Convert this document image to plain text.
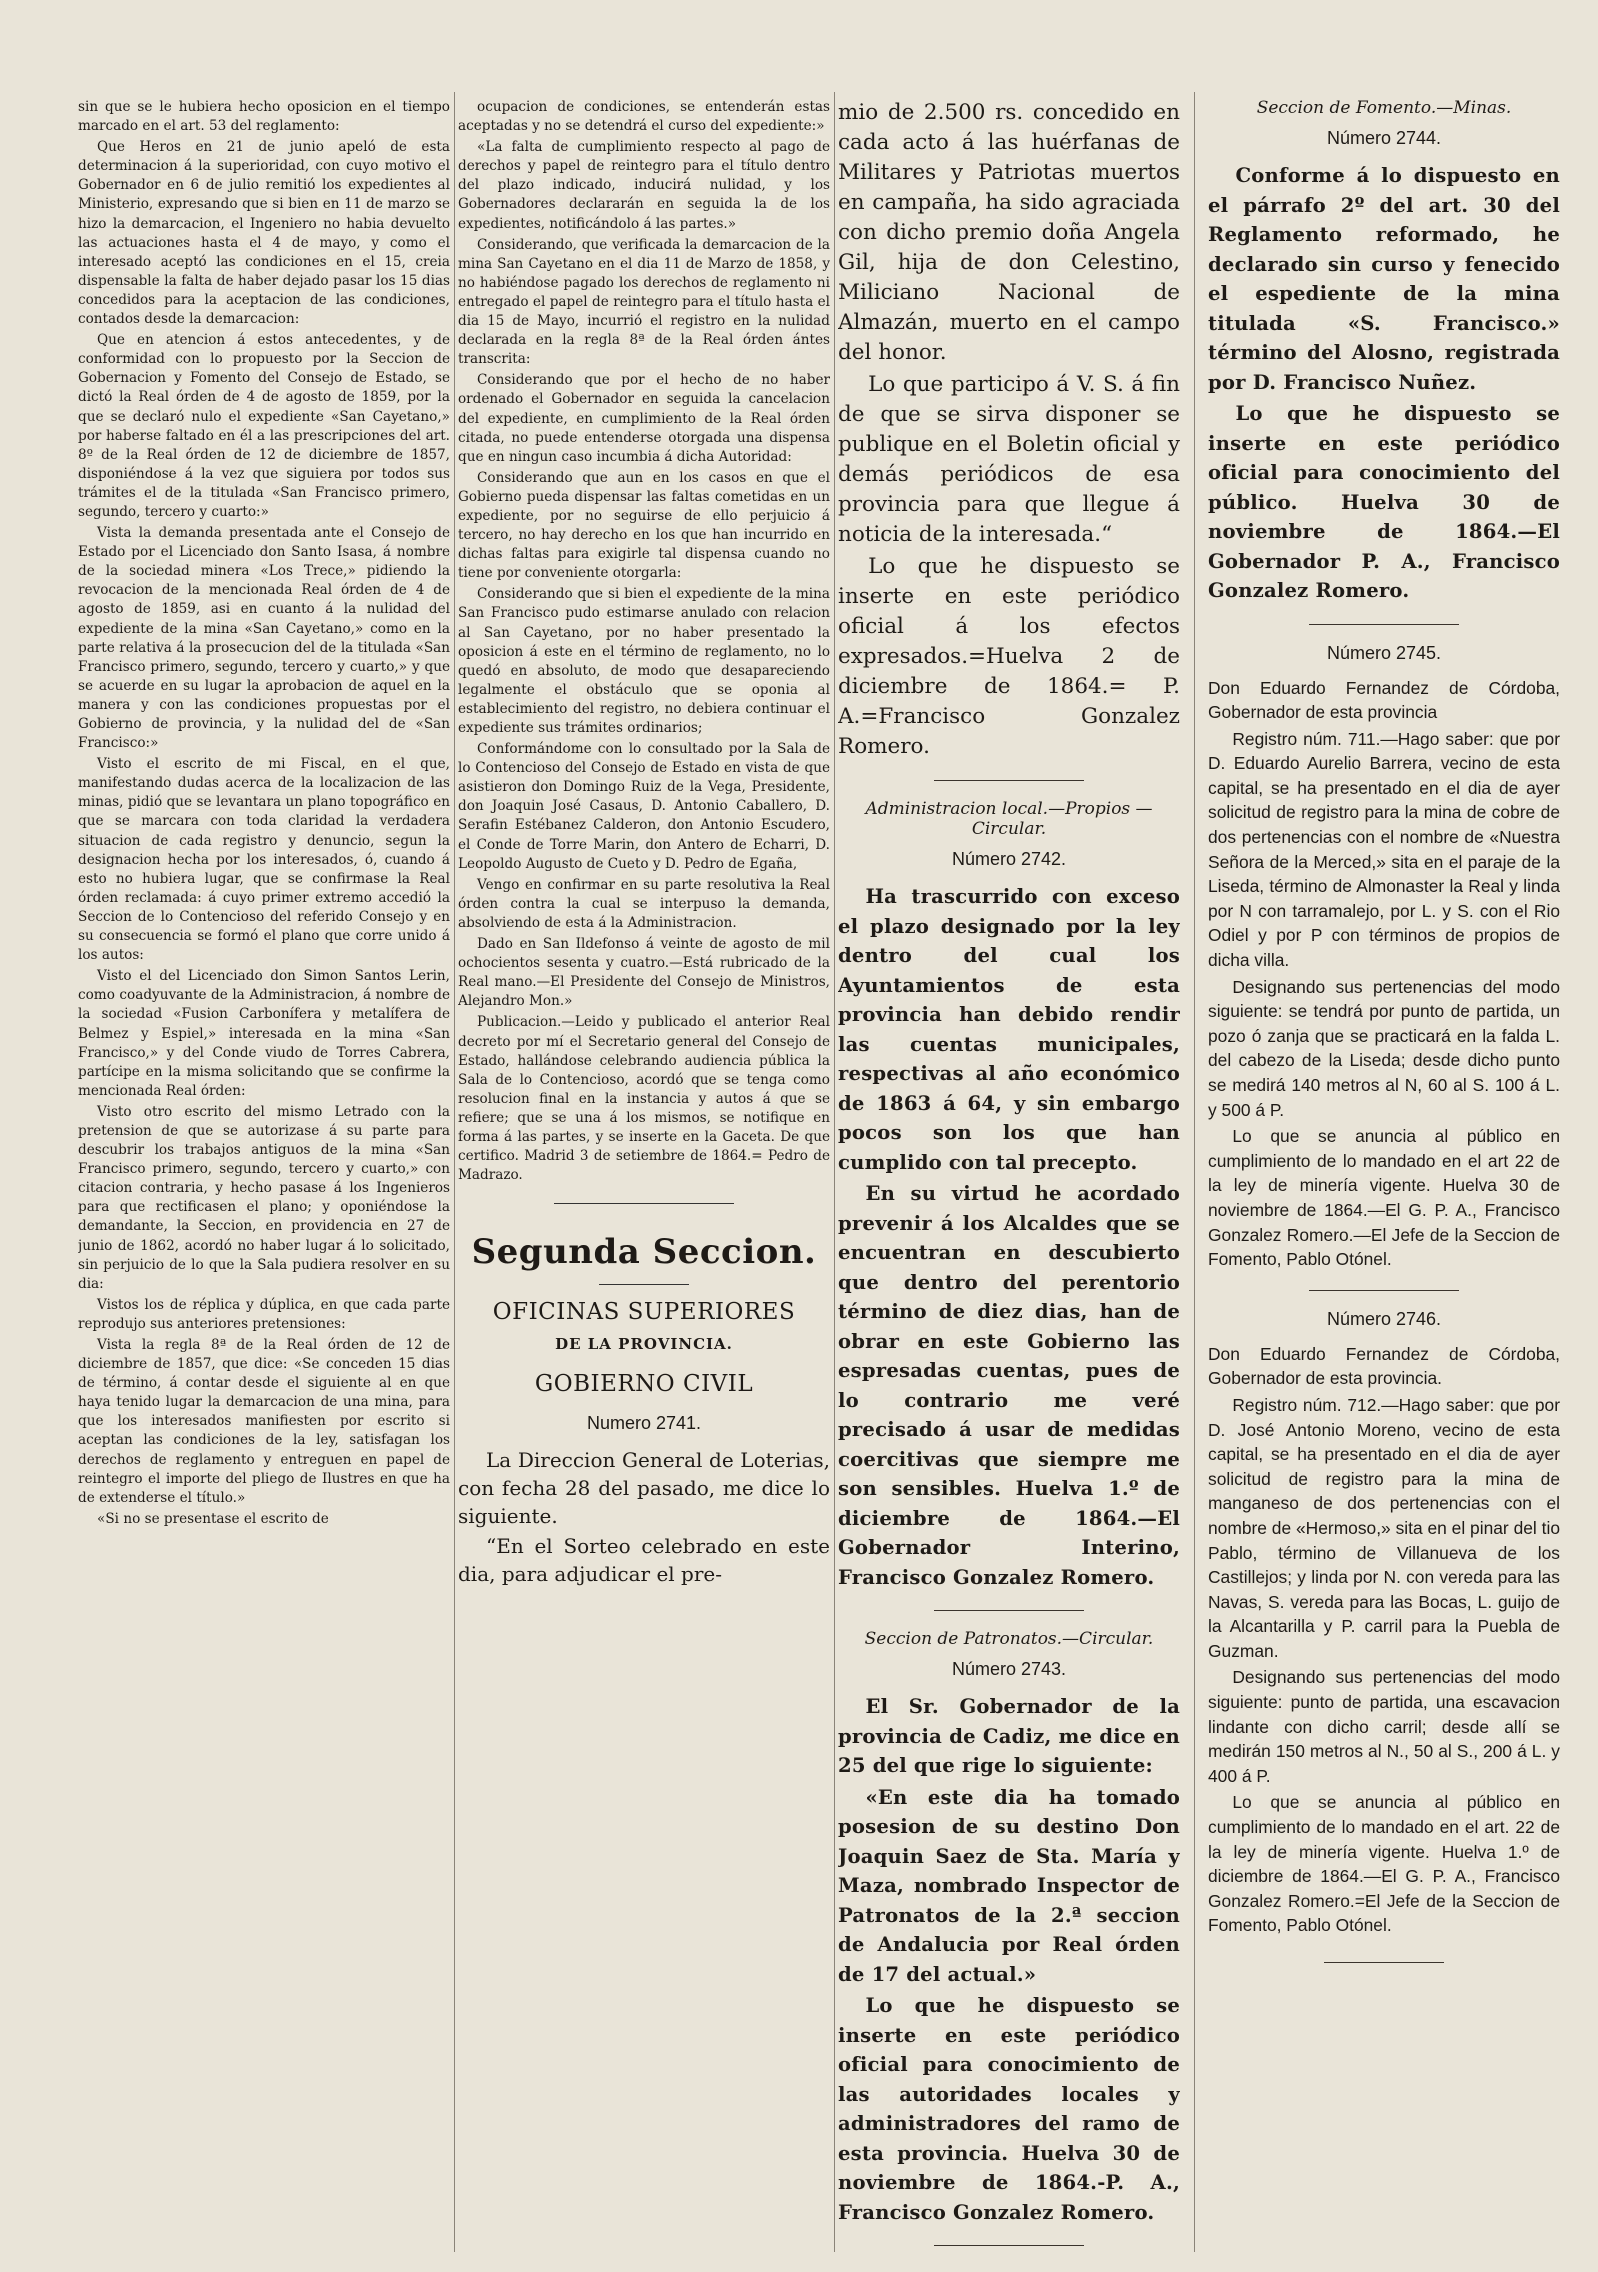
sin que se le hubiera hecho oposicion en el tiempo marcado en el art. 53 del reglamento:

Que Heros en 21 de junio apeló de esta determinacion á la superioridad, con cuyo motivo el Gobernador en 6 de julio remitió los expedientes al Ministerio, expresando que si bien en 11 de marzo se hizo la demarcacion, el Ingeniero no habia devuelto las actuaciones hasta el 4 de mayo, y como el interesado aceptó las condiciones en el 15, creia dispensable la falta de haber dejado pasar los 15 dias concedidos para la aceptacion de las condiciones, contados desde la demarcacion:

Que en atencion á estos antecedentes, y de conformidad con lo propuesto por la Seccion de Gobernacion y Fomento del Consejo de Estado, se dictó la Real órden de 4 de agosto de 1859, por la que se declaró nulo el expediente «San Cayetano,» por haberse faltado en él a las prescripciones del art. 8º de la Real órden de 12 de diciembre de 1857, disponiéndose á la vez que siguiera por todos sus trámites el de la titulada «San Francisco primero, segundo, tercero y cuarto:»

Vista la demanda presentada ante el Consejo de Estado por el Licenciado don Santo Isasa, á nombre de la sociedad minera «Los Trece,» pidiendo la revocacion de la mencionada Real órden de 4 de agosto de 1859, asi en cuanto á la nulidad del expediente de la mina «San Cayetano,» como en la parte relativa á la prosecucion del de la titulada «San Francisco primero, segundo, tercero y cuarto,» y que se acuerde en su lugar la aprobacion de aquel en la manera y con las condiciones propuestas por el Gobierno de provincia, y la nulidad del de «San Francisco:»

Visto el escrito de mi Fiscal, en el que, manifestando dudas acerca de la localizacion de las minas, pidió que se levantara un plano topográfico en que se marcara con toda claridad la verdadera situacion de cada registro y denuncio, segun la designacion hecha por los interesados, ó, cuando á esto no hubiera lugar, que se confirmase la Real órden reclamada: á cuyo primer extremo accedió la Seccion de lo Contencioso del referido Consejo y en su consecuencia se formó el plano que corre unido á los autos:

Visto el del Licenciado don Simon Santos Lerin, como coadyuvante de la Administracion, á nombre de la sociedad «Fusion Carbonífera y metalífera de Belmez y Espiel,» interesada en la mina «San Francisco,» y del Conde viudo de Torres Cabrera, partícipe en la misma solicitando que se confirme la mencionada Real órden:

Visto otro escrito del mismo Letrado con la pretension de que se autorizase á su parte para descubrir los trabajos antiguos de la mina «San Francisco primero, segundo, tercero y cuarto,» con citacion contraria, y hecho pasase á los Ingenieros para que rectificasen el plano; y oponiéndose la demandante, la Seccion, en providencia en 27 de junio de 1862, acordó no haber lugar á lo solicitado, sin perjuicio de lo que la Sala pudiera resolver en su dia:

Vistos los de réplica y dúplica, en que cada parte reprodujo sus anteriores pretensiones:

Vista la regla 8ª de la Real órden de 12 de diciembre de 1857, que dice: «Se conceden 15 dias de término, á contar desde el siguiente al en que haya tenido lugar la demarcacion de una mina, para que los interesados manifiesten por escrito si aceptan las condiciones de la ley, satisfagan los derechos de reglamento y entreguen en papel de reintegro el importe del pliego de Ilustres en que ha de extenderse el título.»

«Si no se presentase el escrito de

ocupacion de condiciones, se entenderán estas aceptadas y no se detendrá el curso del expediente:»

«La falta de cumplimiento respecto al pago de derechos y papel de reintegro para el título dentro del plazo indicado, inducirá nulidad, y los Gobernadores declararán en seguida la de los expedientes, notificándolo á las partes.»

Considerando, que verificada la demarcacion de la mina San Cayetano en el dia 11 de Marzo de 1858, y no habiéndose pagado los derechos de reglamento ni entregado el papel de reintegro para el título hasta el dia 15 de Mayo, incurrió el registro en la nulidad declarada en la regla 8ª de la Real órden ántes transcrita:

Considerando que por el hecho de no haber ordenado el Gobernador en seguida la cancelacion del expediente, en cumplimiento de la Real órden citada, no puede entenderse otorgada una dispensa que en ningun caso incumbia á dicha Autoridad:

Considerando que aun en los casos en que el Gobierno pueda dispensar las faltas cometidas en un expediente, por no seguirse de ello perjuicio á tercero, no hay derecho en los que han incurrido en dichas faltas para exigirle tal dispensa cuando no tiene por conveniente otorgarla:

Considerando que si bien el expediente de la mina San Francisco pudo estimarse anulado con relacion al San Cayetano, por no haber presentado la oposicion á este en el término de reglamento, no lo quedó en absoluto, de modo que desapareciendo legalmente el obstáculo que se oponia al establecimiento del registro, no debiera continuar el expediente sus trámites ordinarios;

Conformándome con lo consultado por la Sala de lo Contencioso del Consejo de Estado en vista de que asistieron don Domingo Ruiz de la Vega, Presidente, don Joaquin José Casaus, D. Antonio Caballero, D. Serafin Estébanez Calderon, don Antonio Escudero, el Conde de Torre Marin, don Antero de Echarri, D. Leopoldo Augusto de Cueto y D. Pedro de Egaña,

Vengo en confirmar en su parte resolutiva la Real órden contra la cual se interpuso la demanda, absolviendo de esta á la Administracion.

Dado en San Ildefonso á veinte de agosto de mil ochocientos sesenta y cuatro.—Está rubricado de la Real mano.—El Presidente del Consejo de Ministros, Alejandro Mon.»

Publicacion.—Leido y publicado el anterior Real decreto por mí el Secretario general del Consejo de Estado, hallándose celebrando audiencia pública la Sala de lo Contencioso, acordó que se tenga como resolucion final en la instancia y autos á que se refiere; que se una á los mismos, se notifique en forma á las partes, y se inserte en la Gaceta. De que certifico. Madrid 3 de setiembre de 1864.= Pedro de Madrazo.

Segunda Seccion.
OFICINAS SUPERIORES
DE LA PROVINCIA.
GOBIERNO CIVIL
Numero 2741.

La Direccion General de Loterias, con fecha 28 del pasado, me dice lo siguiente.

“En el Sorteo celebrado en este dia, para adjudicar el pre-

mio de 2.500 rs. concedido en cada acto á las huérfanas de Militares y Patriotas muertos en campaña, ha sido agraciada con dicho premio doña Angela Gil, hija de don Celestino, Miliciano Nacional de Almazán, muerto en el campo del honor.

Lo que participo á V. S. á fin de que se sirva disponer se publique en el Boletin oficial y demás periódicos de esa provincia para que llegue á noticia de la interesada.“

Lo que he dispuesto se inserte en este periódico oficial á los efectos expresados.=Huelva 2 de diciembre de 1864.= P. A.=Francisco Gonzalez Romero.

Administracion local.—Propios —Circular.
Número 2742.

Ha trascurrido con exceso el plazo designado por la ley dentro del cual los Ayuntamientos de esta provincia han debido rendir las cuentas municipales, respectivas al año económico de 1863 á 64, y sin embargo pocos son los que han cumplido con tal precepto.

En su virtud he acordado prevenir á los Alcaldes que se encuentran en descubierto que dentro del perentorio término de diez dias, han de obrar en este Gobierno las espresadas cuentas, pues de lo contrario me veré precisado á usar de medidas coercitivas que siempre me son sensibles. Huelva 1.º de diciembre de 1864.—El Gobernador Interino, Francisco Gonzalez Romero.

Seccion de Patronatos.—Circular.
Número 2743.

El Sr. Gobernador de la provincia de Cadiz, me dice en 25 del que rige lo siguiente:

«En este dia ha tomado posesion de su destino Don Joaquin Saez de Sta. María y Maza, nombrado Inspector de Patronatos de la 2.ª seccion de Andalucia por Real órden de 17 del actual.»

Lo que he dispuesto se inserte en este periódico oficial para conocimiento de las autoridades locales y administradores del ramo de esta provincia. Huelva 30 de noviembre de 1864.-P. A., Francisco Gonzalez Romero.

Seccion de Fomento.—Minas.
Número 2744.

Conforme á lo dispuesto en el párrafo 2º del art. 30 del Reglamento reformado, he declarado sin curso y fenecido el espediente de la mina titulada «S. Francisco.» término del Alosno, registrada por D. Francisco Nuñez.

Lo que he dispuesto se inserte en este periódico oficial para conocimiento del público. Huelva 30 de noviembre de 1864.—El Gobernador P. A., Francisco Gonzalez Romero.

Número 2745.

Don Eduardo Fernandez de Córdoba, Gobernador de esta provincia

Registro núm. 711.—Hago saber: que por D. Eduardo Aurelio Barrera, vecino de esta capital, se ha presentado en el dia de ayer solicitud de registro para la mina de cobre de dos pertenencias con el nombre de «Nuestra Señora de la Merced,» sita en el paraje de la Liseda, término de Almonaster la Real y linda por N con tarramalejo, por L. y S. con el Rio Odiel y por P con términos de propios de dicha villa.

Designando sus pertenencias del modo siguiente: se tendrá por punto de partida, un pozo ó zanja que se practicará en la falda L. del cabezo de la Liseda; desde dicho punto se medirá 140 metros al N, 60 al S. 100 á L. y 500 á P.

Lo que se anuncia al público en cumplimiento de lo mandado en el art 22 de la ley de minería vigente. Huelva 30 de noviembre de 1864.—El G. P. A., Francisco Gonzalez Romero.—El Jefe de la Seccion de Fomento, Pablo Otónel.

Número 2746.

Don Eduardo Fernandez de Córdoba, Gobernador de esta provincia.

Registro núm. 712.—Hago saber: que por D. José Antonio Moreno, vecino de esta capital, se ha presentado en el dia de ayer solicitud de registro para la mina de manganeso de dos pertenencias con el nombre de «Hermoso,» sita en el pinar del tio Pablo, término de Villanueva de los Castillejos; y linda por N. con vereda para las Navas, S. vereda para las Bocas, L. guijo de la Alcantarilla y P. carril para la Puebla de Guzman.

Designando sus pertenencias del modo siguiente: punto de partida, una escavacion lindante con dicho carril; desde allí se medirán 150 metros al N., 50 al S., 200 á L. y 400 á P.

Lo que se anuncia al público en cumplimiento de lo mandado en el art. 22 de la ley de minería vigente. Huelva 1.º de diciembre de 1864.—El G. P. A., Francisco Gonzalez Romero.=El Jefe de la Seccion de Fomento, Pablo Otónel.
